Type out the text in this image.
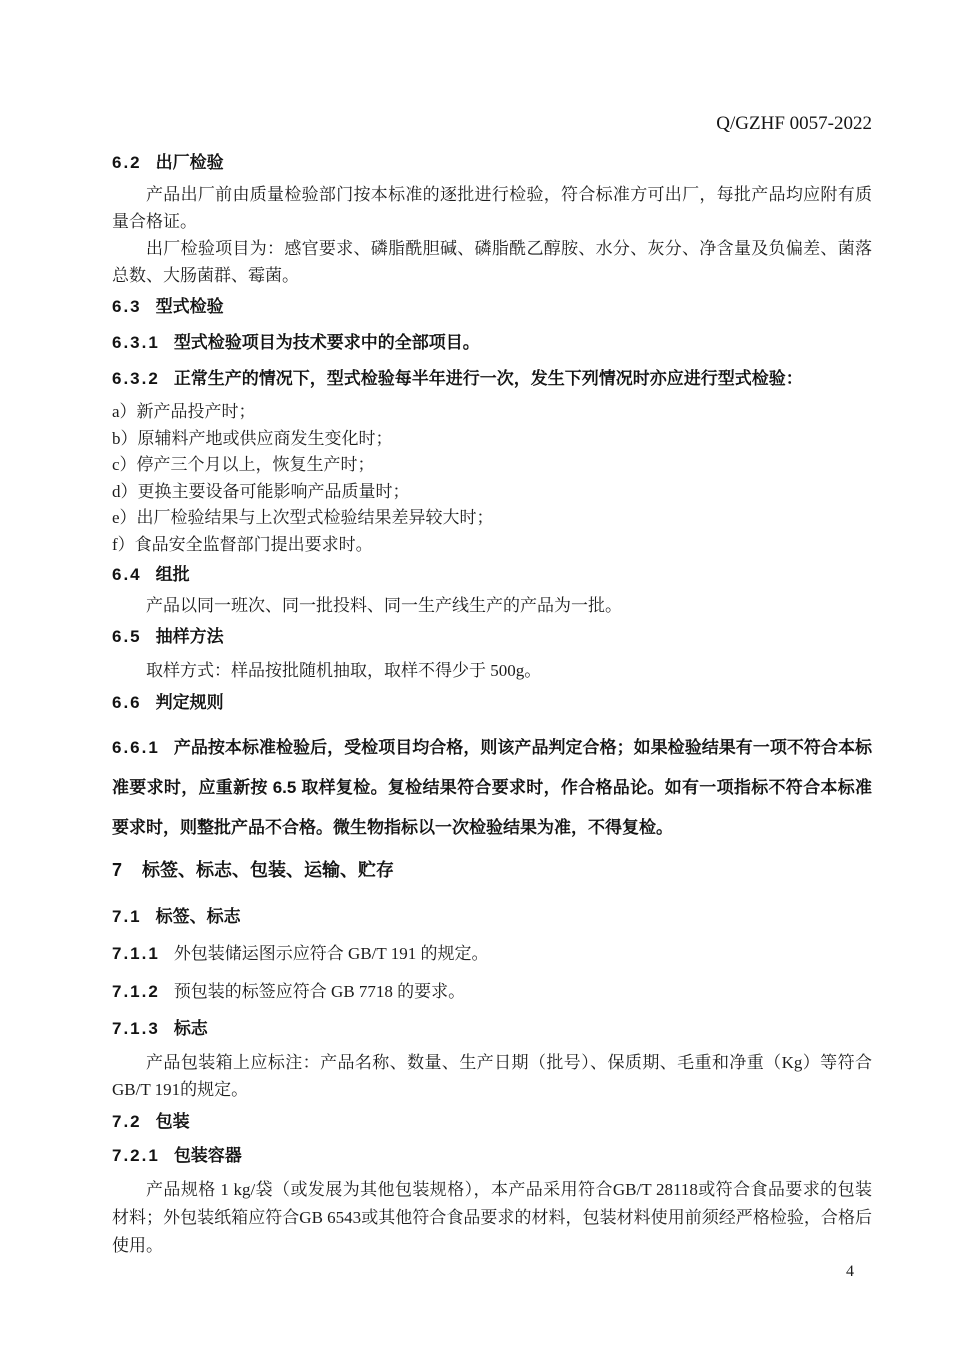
Q/GZHF 0057-2022
6.2 出厂检验

产品出厂前由质量检验部门按本标准的逐批进行检验，符合标准方可出厂，每批产品均应附有质量合格证。

出厂检验项目为：感官要求、磷脂酰胆碱、磷脂酰乙醇胺、水分、灰分、净含量及负偏差、菌落总数、大肠菌群、霉菌。

6.3 型式检验

6.3.1 型式检验项目为技术要求中的全部项目。

6.3.2 正常生产的情况下，型式检验每半年进行一次，发生下列情况时亦应进行型式检验：

a）新产品投产时；

b）原辅料产地或供应商发生变化时；

c）停产三个月以上，恢复生产时；

d）更换主要设备可能影响产品质量时；

e）出厂检验结果与上次型式检验结果差异较大时；

f）食品安全监督部门提出要求时。

6.4 组批

产品以同一班次、同一批投料、同一生产线生产的产品为一批。

6.5 抽样方法

取样方式：样品按批随机抽取，取样不得少于 500g。

6.6 判定规则

6.6.1 产品按本标准检验后，受检项目均合格，则该产品判定合格；如果检验结果有一项不符合本标准要求时，应重新按 6.5 取样复检。复检结果符合要求时，作合格品论。如有一项指标不符合本标准要求时，则整批产品不合格。微生物指标以一次检验结果为准，不得复检。

7 标签、标志、包装、运输、贮存
7.1 标签、标志

7.1.1 外包装储运图示应符合 GB/T 191 的规定。

7.1.2 预包装的标签应符合 GB 7718 的要求。

7.1.3 标志

产品包装箱上应标注：产品名称、数量、生产日期（批号）、保质期、毛重和净重（Kg）等符合GB/T 191的规定。

7.2 包装
7.2.1 包装容器

产品规格 1 kg/袋（或发展为其他包装规格），本产品采用符合GB/T 28118或符合食品要求的包装材料；外包装纸箱应符合GB 6543或其他符合食品要求的材料，包装材料使用前须经严格检验，合格后使用。

4
